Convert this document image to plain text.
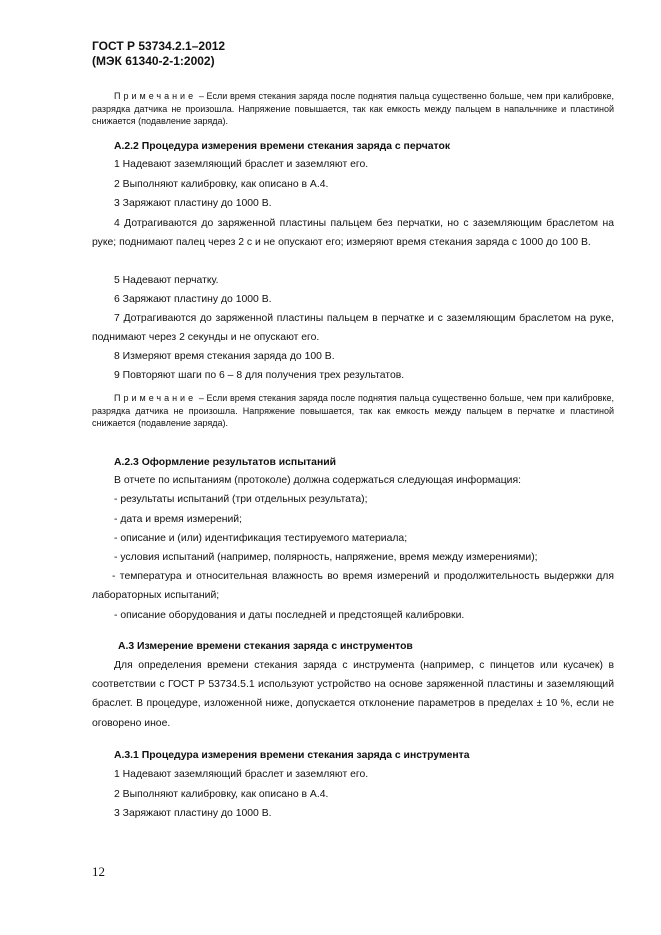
ГОСТ Р 53734.2.1–2012
(МЭК 61340-2-1:2002)
Примечание – Если время стекания заряда после поднятия пальца существенно больше, чем при калибровке, разрядка датчика не произошла. Напряжение повышается, так как емкость между пальцем в напальчнике и пластиной снижается (подавление заряда).
А.2.2 Процедура измерения времени стекания заряда с перчаток
1 Надевают заземляющий браслет и заземляют его.
2 Выполняют калибровку, как описано в А.4.
3 Заряжают пластину до 1000 В.
4 Дотрагиваются до заряженной пластины пальцем без перчатки, но с заземляющим браслетом на руке; поднимают палец через 2 с и не опускают его; измеряют время стекания заряда с 1000 до 100 В.
5 Надевают перчатку.
6 Заряжают пластину до 1000 В.
7 Дотрагиваются до заряженной пластины пальцем в перчатке и с заземляющим браслетом на руке, поднимают через 2 секунды и не опускают его.
8 Измеряют время стекания заряда до 100 В.
9 Повторяют шаги по 6 – 8 для получения трех результатов.
Примечание – Если время стекания заряда после поднятия пальца существенно больше, чем при калибровке, разрядка датчика не произошла. Напряжение повышается, так как емкость между пальцем в перчатке и пластиной снижается (подавление заряда).
А.2.3 Оформление результатов испытаний
В отчете по испытаниям (протоколе) должна содержаться следующая информация:
- результаты испытаний (три отдельных результата);
- дата и время измерений;
- описание и (или) идентификация тестируемого материала;
- условия испытаний (например, полярность, напряжение, время между измерениями);
- температура и относительная влажность во время измерений и продолжительность выдержки для лабораторных испытаний;
- описание оборудования и даты последней и предстоящей калибровки.
А.3 Измерение времени стекания заряда с инструментов
Для определения времени стекания заряда с инструмента (например, с пинцетов или кусачек) в соответствии с ГОСТ Р 53734.5.1 используют устройство на основе заряженной пластины и заземляющий браслет. В процедуре, изложенной ниже, допускается отклонение параметров в пределах ± 10 %, если не оговорено иное.
А.3.1 Процедура измерения времени стекания заряда с инструмента
1 Надевают заземляющий браслет и заземляют его.
2 Выполняют калибровку, как описано в А.4.
3 Заряжают пластину до 1000 В.
12
